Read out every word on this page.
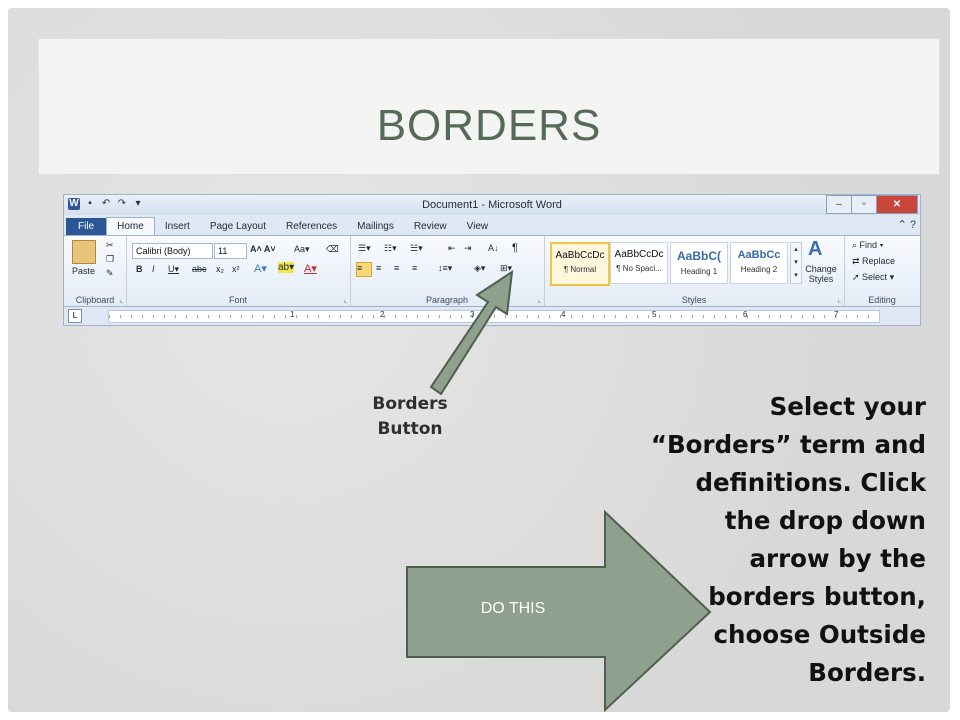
BORDERS
W ▪	↶ ↷ ▾	Document1 - Microsoft Word	–	▫	✕
File	Home	Insert	Page Layout	References	Mailings	Review	View	⌃ ?
Paste
✂
❐
✎
Clipboard ⌞
Calibri (Body)	11	A˄ A˅ Aa▾ ⌫
B I U▾ abc x₂ x² A▾ ab▾ A▾
Font	⌞
☰▾ ☷▾ ☱▾	⇤ ⇥ A↓ ¶
≡	≡ ≡ ≡ ↕≡▾ ◈▾ ⊞▾
Paragraph	⌞
AaBbCcDc
¶ Normal
AaBbCcDc
¶ No Spaci...
AaBbC(
Heading 1
AaBbCc
Heading 2
▴
▾
▾
A
Change Styles
Styles	⌞
⌕ Find ▾
⇄ Replace
➚ Select ▾
Editing
L	1	2	3	4	5	6	7
DO THIS
Borders
Button
Select your “Borders” term and definitions. Click the drop down arrow by the borders button, choose Outside Borders.
